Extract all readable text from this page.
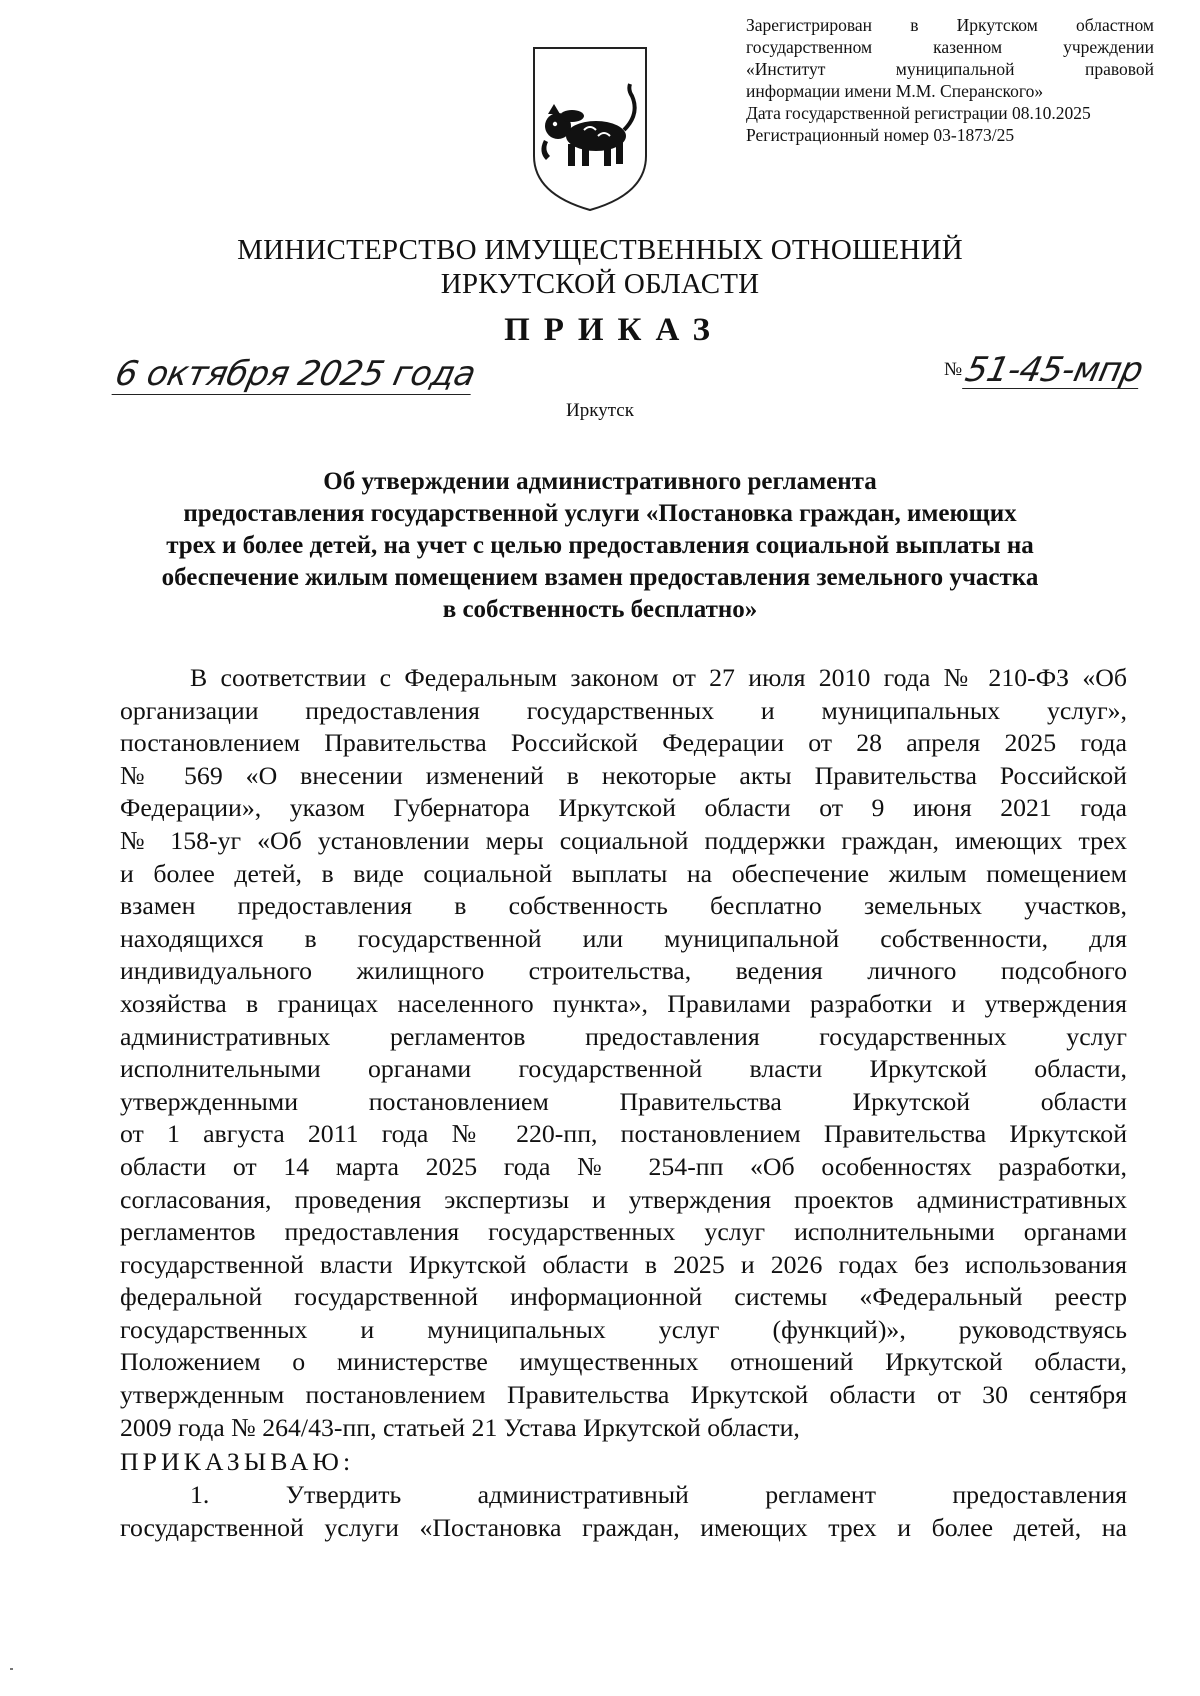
Зарегистрирован в Иркутском областном
государственном казенном учреждении
«Институт муниципальной правовой
информации имени М.М. Сперанского»
Дата государственной регистрации 08.10.2025
Регистрационный номер 03-1873/25
МИНИСТЕРСТВО ИМУЩЕСТВЕННЫХ ОТНОШЕНИЙ
ИРКУТСКОЙ ОБЛАСТИ
ПРИКАЗ
6 октября 2025 года	№51-45-мпр
Иркутск
Об утверждении административного регламента
предоставления государственной услуги «Постановка граждан, имеющих
трех и более детей, на учет с целью предоставления социальной выплаты на
обеспечение жилым помещением взамен предоставления земельного участка
в собственность бесплатно»
В соответствии с Федеральным законом от 27 июля 2010 года № 210-ФЗ «Об
организации предоставления государственных и муниципальных услуг»,
постановлением Правительства Российской Федерации от 28 апреля 2025 года
№ 569 «О внесении изменений в некоторые акты Правительства Российской
Федерации», указом Губернатора Иркутской области от 9 июня 2021 года
№ 158-уг «Об установлении меры социальной поддержки граждан, имеющих трех
и более детей, в виде социальной выплаты на обеспечение жилым помещением
взамен предоставления в собственность бесплатно земельных участков,
находящихся в государственной или муниципальной собственности, для
индивидуального жилищного строительства, ведения личного подсобного
хозяйства в границах населенного пункта», Правилами разработки и утверждения
административных регламентов предоставления государственных услуг
исполнительными органами государственной власти Иркутской области,
утвержденными постановлением Правительства Иркутской области
от 1 августа 2011 года № 220-пп, постановлением Правительства Иркутской
области от 14 марта 2025 года № 254-пп «Об особенностях разработки,
согласования, проведения экспертизы и утверждения проектов административных
регламентов предоставления государственных услуг исполнительными органами
государственной власти Иркутской области в 2025 и 2026 годах без использования
федеральной государственной информационной системы «Федеральный реестр
государственных и муниципальных услуг (функций)», руководствуясь
Положением о министерстве имущественных отношений Иркутской области,
утвержденным постановлением Правительства Иркутской области от 30 сентября
2009 года № 264/43-пп, статьей 21 Устава Иркутской области,
ПРИКАЗЫВАЮ:
1. Утвердить административный регламент предоставления
государственной услуги «Постановка граждан, имеющих трех и более детей, на
